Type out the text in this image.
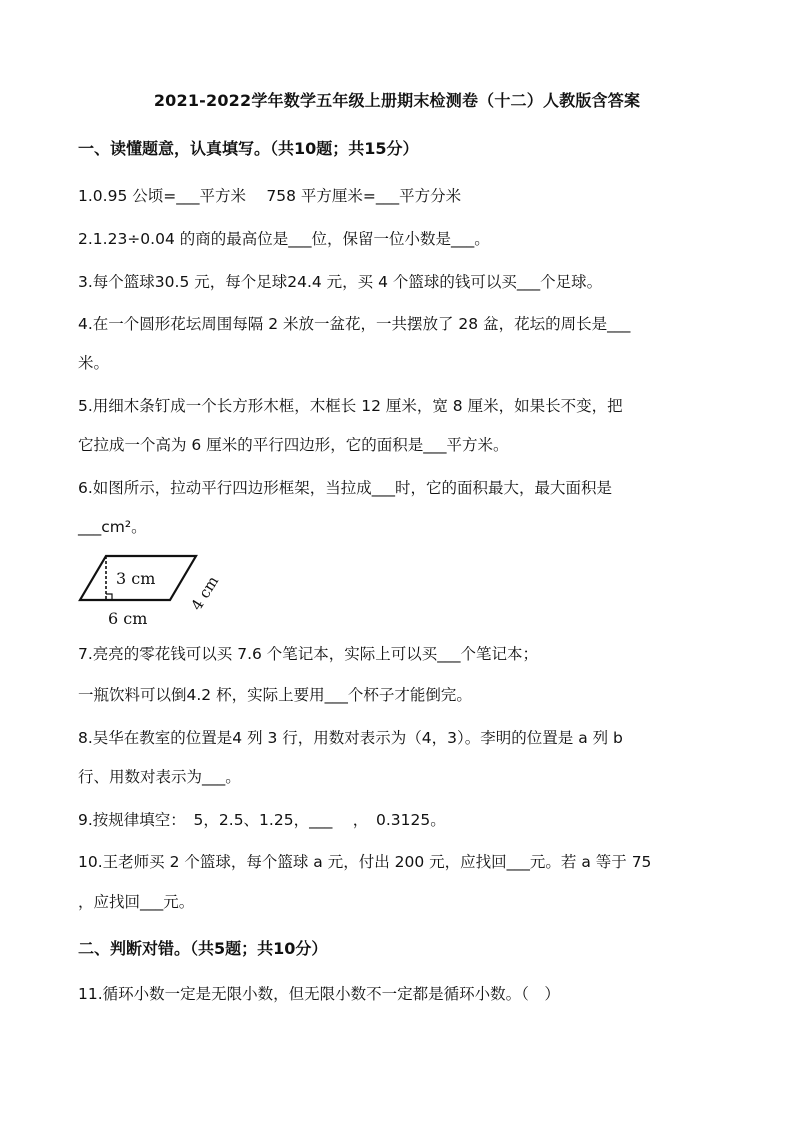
2021-2022学年数学五年级上册期末检测卷（十二）人教版含答案
一、读懂题意，认真填写。（共10题；共15分）
1.0.95 公顷=___平方米　 758 平方厘米=___平方分米
2.1.23÷0.04 的商的最高位是___位，保留一位小数是___。
3.每个篮球30.5 元，每个足球24.4 元，买 4 个篮球的钱可以买___个足球。
4.在一个圆形花坛周围每隔 2 米放一盆花，一共摆放了 28 盆，花坛的周长是___
米。
5.用细木条钉成一个长方形木框，木框长 12 厘米，宽 8 厘米，如果长不变，把
它拉成一个高为 6 厘米的平行四边形，它的面积是___平方米。
6.如图所示，拉动平行四边形框架，当拉成___时，它的面积最大，最大面积是
___cm²。
3 cm 4 cm
6 cm
7.亮亮的零花钱可以买 7.6 个笔记本，实际上可以买___个笔记本；
一瓶饮料可以倒4.2 杯，实际上要用___个杯子才能倒完。
8.吴华在教室的位置是4 列 3 行，用数对表示为（4，3）。李明的位置是 a 列 b
行、用数对表示为___。
9.按规律填空：　5，2.5、1.25，___　 ，　0.3125。
10.王老师买 2 个篮球，每个篮球 a 元，付出 200 元，应找回___元。若 a 等于 75
，应找回___元。
二、判断对错。（共5题；共10分）
11.循环小数一定是无限小数，但无限小数不一定都是循环小数。（　）
